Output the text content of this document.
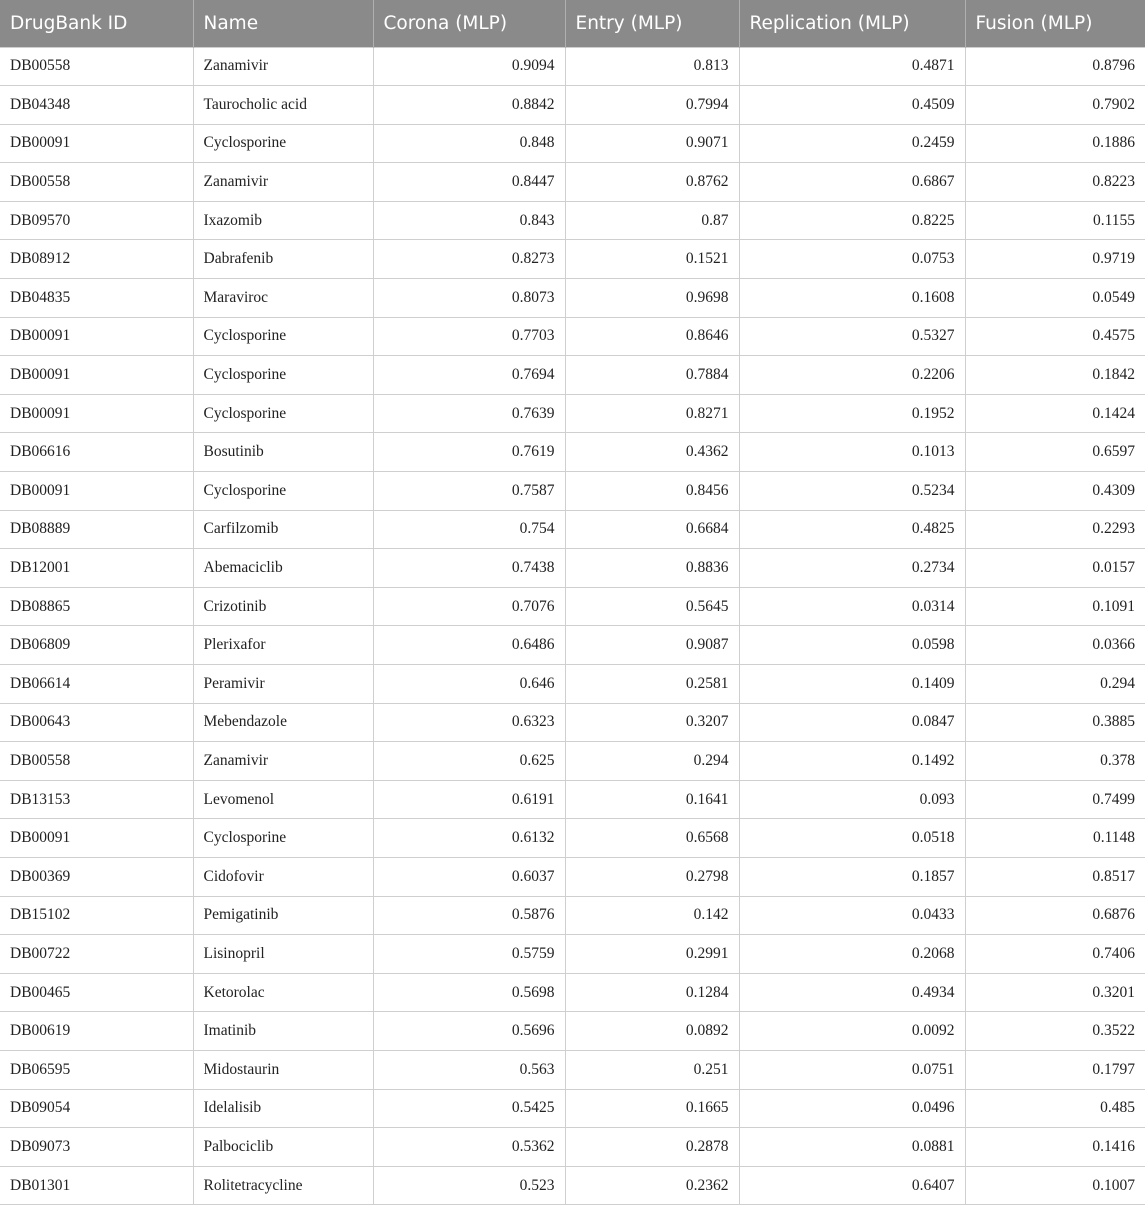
DrugBank ID	Name	Corona (MLP)	Entry (MLP)	Replication (MLP)	Fusion (MLP)
DB00558	Zanamivir	0.9094	0.813	0.4871	0.8796
DB04348	Taurocholic acid	0.8842	0.7994	0.4509	0.7902
DB00091	Cyclosporine	0.848	0.9071	0.2459	0.1886
DB00558	Zanamivir	0.8447	0.8762	0.6867	0.8223
DB09570	Ixazomib	0.843	0.87	0.8225	0.1155
DB08912	Dabrafenib	0.8273	0.1521	0.0753	0.9719
DB04835	Maraviroc	0.8073	0.9698	0.1608	0.0549
DB00091	Cyclosporine	0.7703	0.8646	0.5327	0.4575
DB00091	Cyclosporine	0.7694	0.7884	0.2206	0.1842
DB00091	Cyclosporine	0.7639	0.8271	0.1952	0.1424
DB06616	Bosutinib	0.7619	0.4362	0.1013	0.6597
DB00091	Cyclosporine	0.7587	0.8456	0.5234	0.4309
DB08889	Carfilzomib	0.754	0.6684	0.4825	0.2293
DB12001	Abemaciclib	0.7438	0.8836	0.2734	0.0157
DB08865	Crizotinib	0.7076	0.5645	0.0314	0.1091
DB06809	Plerixafor	0.6486	0.9087	0.0598	0.0366
DB06614	Peramivir	0.646	0.2581	0.1409	0.294
DB00643	Mebendazole	0.6323	0.3207	0.0847	0.3885
DB00558	Zanamivir	0.625	0.294	0.1492	0.378
DB13153	Levomenol	0.6191	0.1641	0.093	0.7499
DB00091	Cyclosporine	0.6132	0.6568	0.0518	0.1148
DB00369	Cidofovir	0.6037	0.2798	0.1857	0.8517
DB15102	Pemigatinib	0.5876	0.142	0.0433	0.6876
DB00722	Lisinopril	0.5759	0.2991	0.2068	0.7406
DB00465	Ketorolac	0.5698	0.1284	0.4934	0.3201
DB00619	Imatinib	0.5696	0.0892	0.0092	0.3522
DB06595	Midostaurin	0.563	0.251	0.0751	0.1797
DB09054	Idelalisib	0.5425	0.1665	0.0496	0.485
DB09073	Palbociclib	0.5362	0.2878	0.0881	0.1416
DB01301	Rolitetracycline	0.523	0.2362	0.6407	0.1007
